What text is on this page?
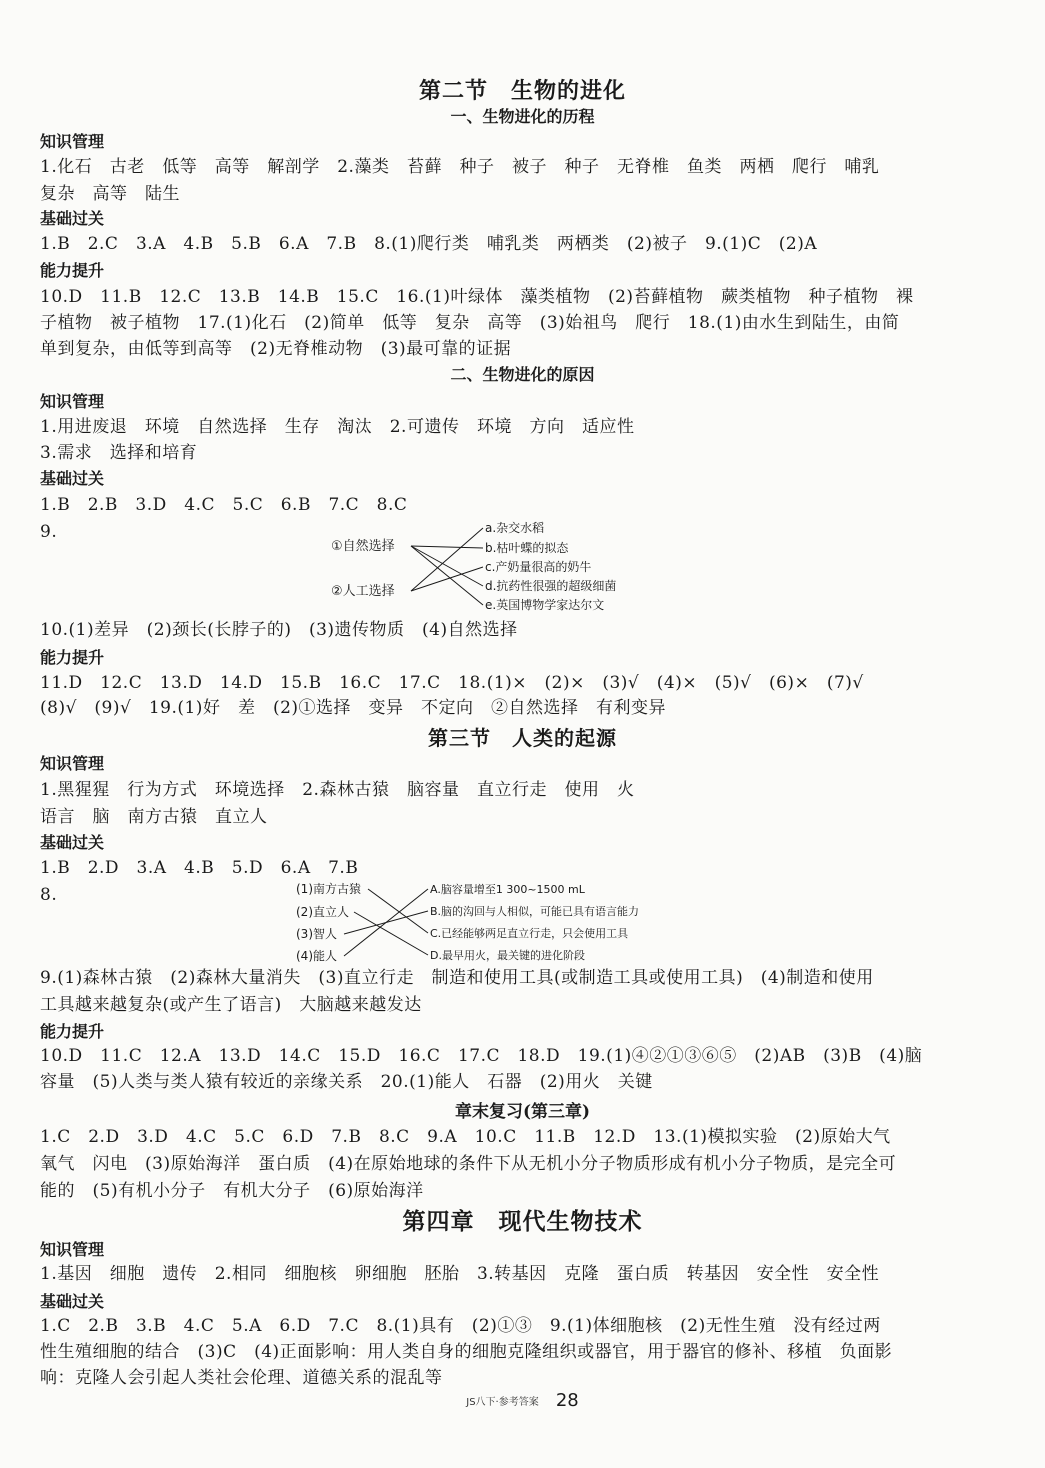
第二节　生物的进化
一、生物进化的历程
知识管理
1.化石　古老　低等　高等　解剖学　2.藻类　苔藓　种子　被子　种子　无脊椎　鱼类　两栖　爬行　哺乳
复杂　高等　陆生
基础过关
1.B　2.C　3.A　4.B　5.B　6.A　7.B　8.(1)爬行类　哺乳类　两栖类　(2)被子　9.(1)C　(2)A
能力提升
10.D　11.B　12.C　13.B　14.B　15.C　16.(1)叶绿体　藻类植物　(2)苔藓植物　蕨类植物　种子植物　裸
子植物　被子植物　17.(1)化石　(2)简单　低等　复杂　高等　(3)始祖鸟　爬行　18.(1)由水生到陆生，由简
单到复杂，由低等到高等　(2)无脊椎动物　(3)最可靠的证据
二、生物进化的原因
知识管理
1.用进废退　环境　自然选择　生存　淘汰　2.可遗传　环境　方向　适应性
3.需求　选择和培育
基础过关
1.B　2.B　3.D　4.C　5.C　6.B　7.C　8.C
9.
①自然选择
②人工选择
a.杂交水稻
b.枯叶蝶的拟态
c.产奶量很高的奶牛
d.抗药性很强的超级细菌
e.英国博物学家达尔文
10.(1)差异　(2)颈长(长脖子的)　(3)遗传物质　(4)自然选择
能力提升
11.D　12.C　13.D　14.D　15.B　16.C　17.C　18.(1)×　(2)×　(3)√　(4)×　(5)√　(6)×　(7)√
(8)√　(9)√　19.(1)好　差　(2)①选择　变异　不定向　②自然选择　有利变异
第三节　人类的起源
知识管理
1.黑猩猩　行为方式　环境选择　2.森林古猿　脑容量　直立行走　使用　火
语言　脑　南方古猿　直立人
基础过关
1.B　2.D　3.A　4.B　5.D　6.A　7.B
8.	(1)南方古猿
(2)直立人
(3)智人
(4)能人
A.脑容量增至1 300~1500 mL
B.脑的沟回与人相似，可能已具有语言能力
C.已经能够两足直立行走，只会使用工具
D.最早用火，最关键的进化阶段
9.(1)森林古猿　(2)森林大量消失　(3)直立行走　制造和使用工具(或制造工具或使用工具)　(4)制造和使用
工具越来越复杂(或产生了语言)　大脑越来越发达
能力提升
10.D　11.C　12.A　13.D　14.C　15.D　16.C　17.C　18.D　19.(1)④②①③⑥⑤　(2)AB　(3)B　(4)脑
容量　(5)人类与类人猿有较近的亲缘关系　20.(1)能人　石器　(2)用火　关键
章末复习(第三章)
1.C　2.D　3.D　4.C　5.C　6.D　7.B　8.C　9.A　10.C　11.B　12.D　13.(1)模拟实验　(2)原始大气
氧气　闪电　(3)原始海洋　蛋白质　(4)在原始地球的条件下从无机小分子物质形成有机小分子物质，是完全可
能的　(5)有机小分子　有机大分子　(6)原始海洋
第四章　现代生物技术
知识管理
1.基因　细胞　遗传　2.相同　细胞核　卵细胞　胚胎　3.转基因　克隆　蛋白质　转基因　安全性　安全性
基础过关
1.C　2.B　3.B　4.C　5.A　6.D　7.C　8.(1)具有　(2)①③　9.(1)体细胞核　(2)无性生殖　没有经过两
性生殖细胞的结合　(3)C　(4)正面影响：用人类自身的细胞克隆组织或器官，用于器官的修补、移植　负面影
响：克隆人会引起人类社会伦理、道德关系的混乱等
JS八下·参考答案 28
